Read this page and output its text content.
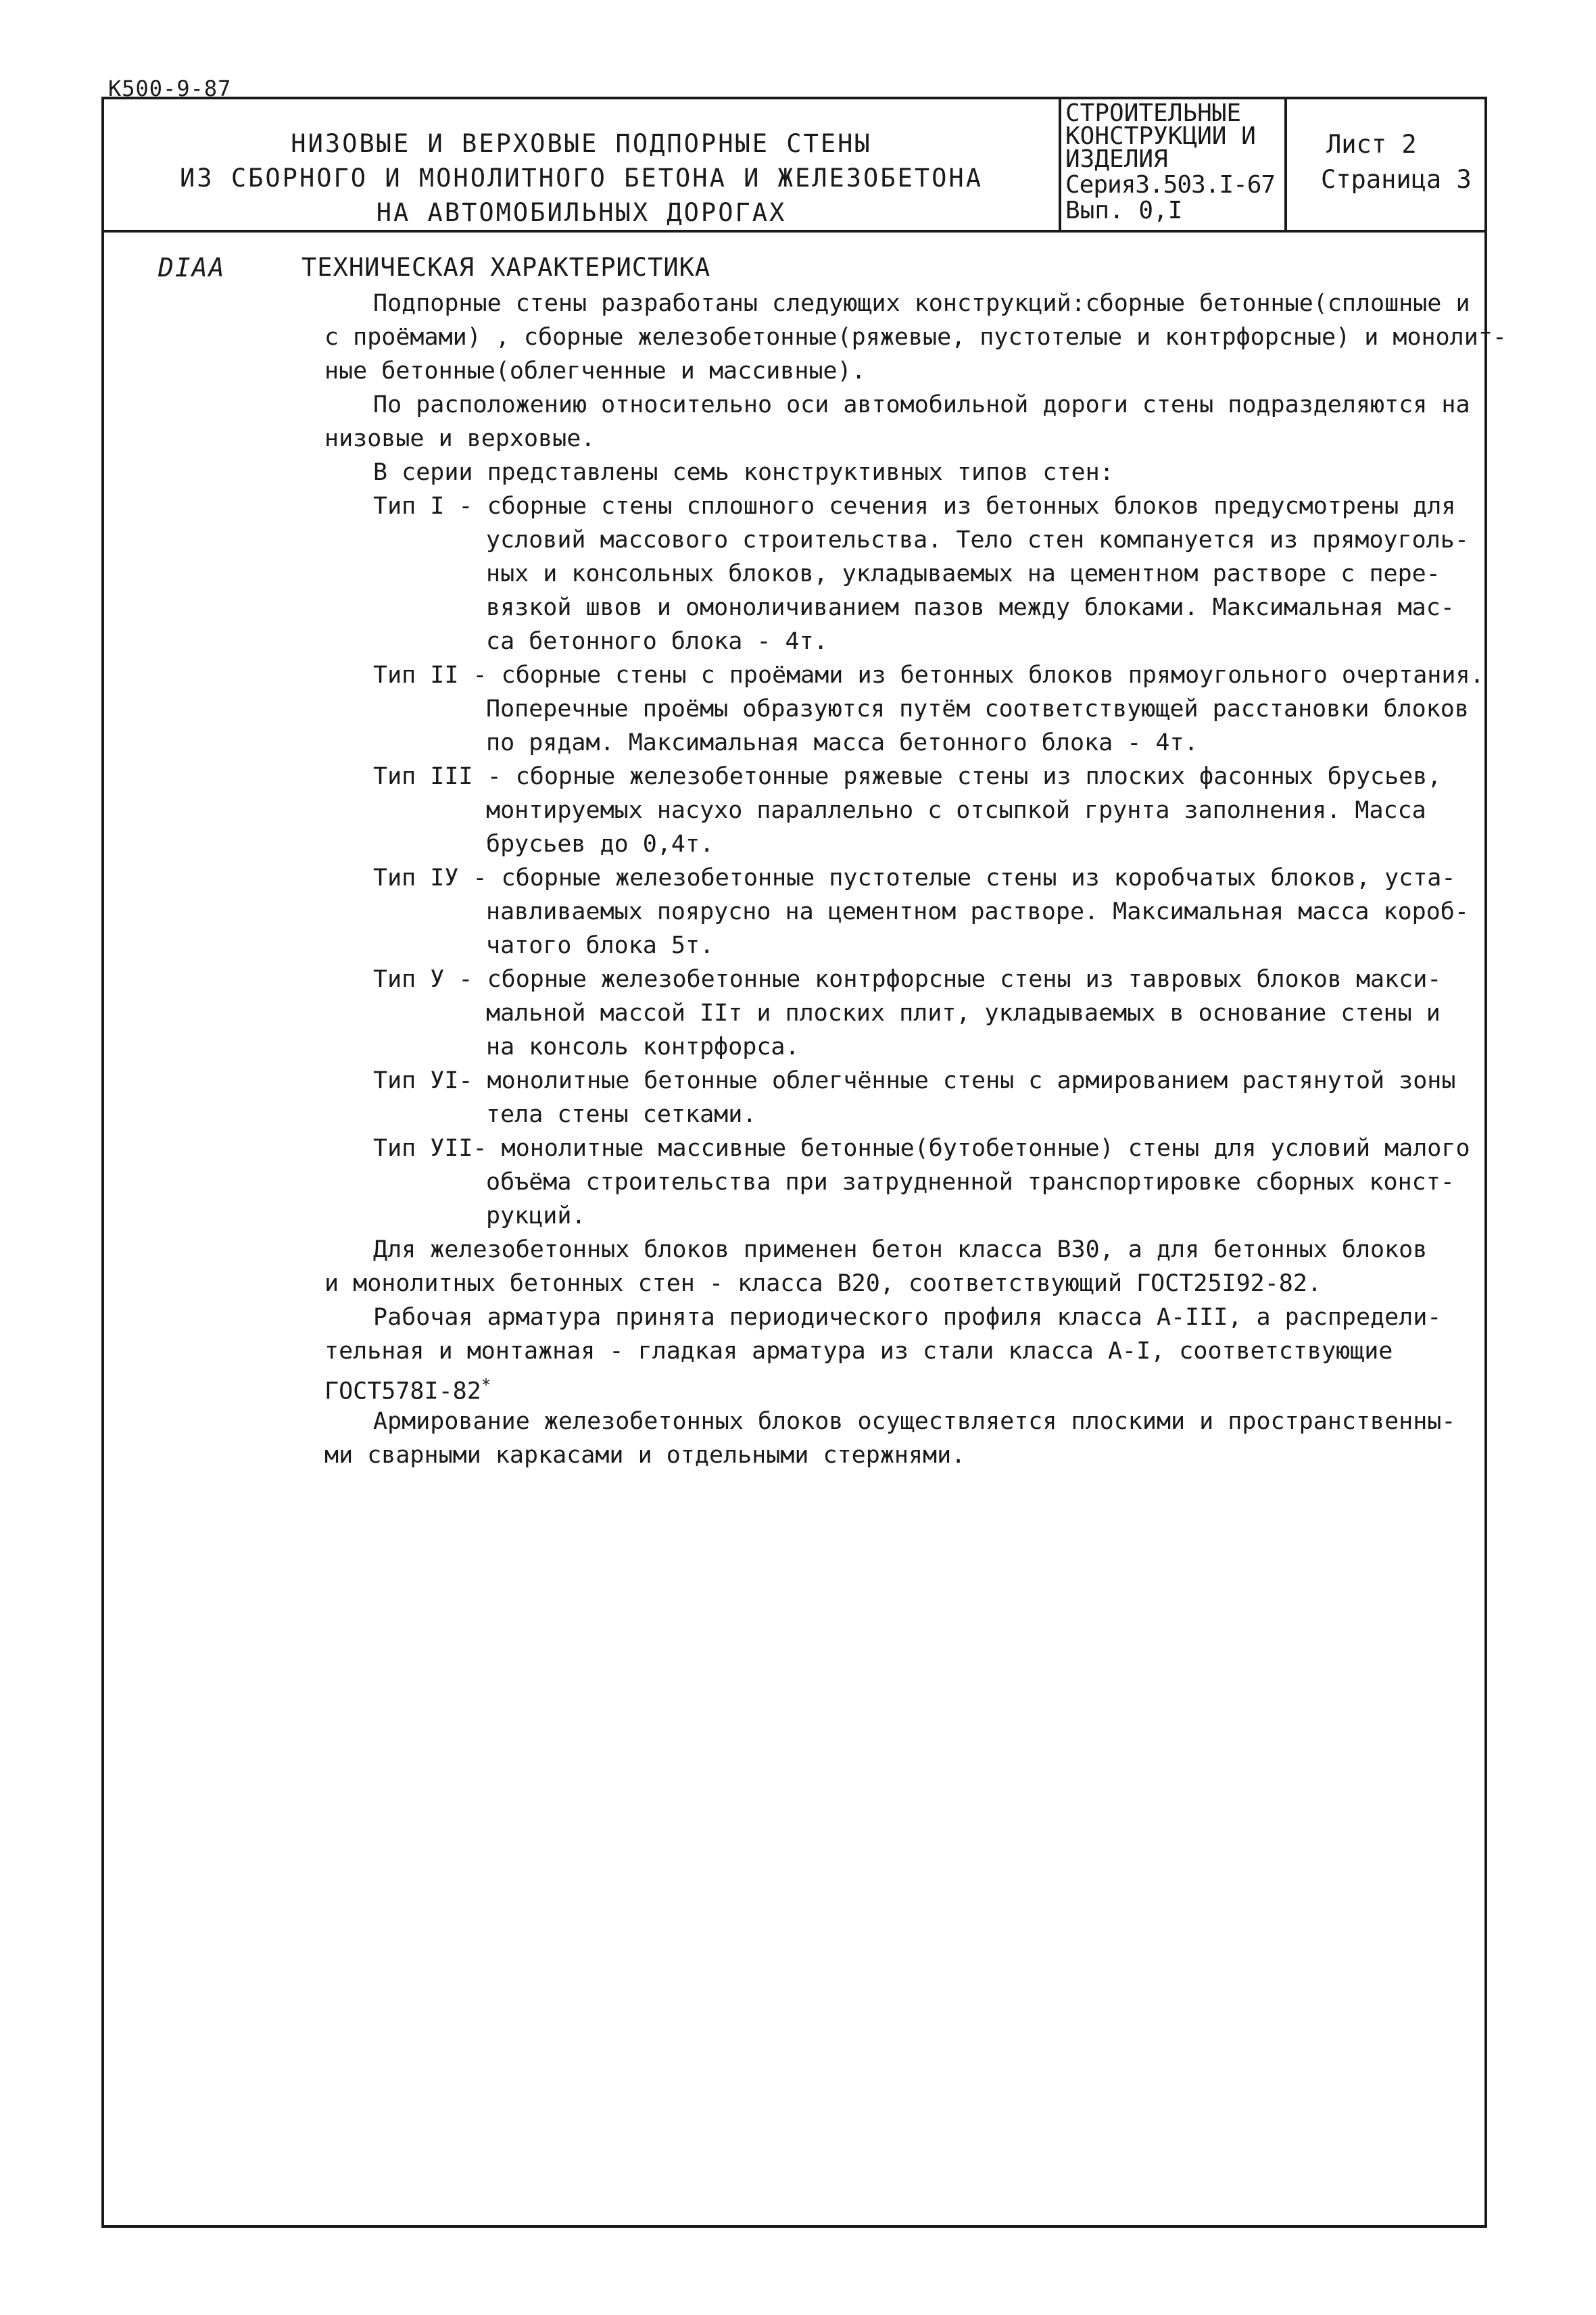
К500-9-87
НИЗОВЫЕ И ВЕРХОВЫЕ ПОДПОРНЫЕ СТЕНЫ
ИЗ СБОРНОГО И МОНОЛИТНОГО БЕТОНА И ЖЕЛЕЗОБЕТОНА
НА АВТОМОБИЛЬНЫХ ДОРОГАХ
СТРОИТЕЛЬНЫЕ
КОНСТРУКЦИИ И
ИЗДЕЛИЯ
Серия3.503.I-67
Вып. 0,I
Лист 2
Страница 3
DIAA	ТЕХНИЧЕСКАЯ ХАРАКТЕРИСТИКА
Подпорные стены разработаны следующих конструкций:сборные бетонные(сплошные и
с проёмами) , сборные железобетонные(ряжевые, пустотелые и контрфорсные) и монолит-
ные бетонные(облегченные и массивные).
По расположению относительно оси автомобильной дороги стены подразделяются на
низовые и верховые.
В серии представлены семь конструктивных типов стен:
Тип I - сборные стены сплошного сечения из бетонных блоков предусмотрены для
условий массового строительства. Тело стен компануется из прямоуголь-
ных и консольных блоков, укладываемых на цементном растворе с пере-
вязкой швов и омоноличиванием пазов между блоками. Максимальная мас-
са бетонного блока - 4т.
Тип II - сборные стены с проёмами из бетонных блоков прямоугольного очертания.
Поперечные проёмы образуются путём соответствующей расстановки блоков
по рядам. Максимальная масса бетонного блока - 4т.
Тип III - сборные железобетонные ряжевые стены из плоских фасонных брусьев,
монтируемых насухо параллельно с отсыпкой грунта заполнения. Масса
брусьев до 0,4т.
Тип IУ - сборные железобетонные пустотелые стены из коробчатых блоков, уста-
навливаемых поярусно на цементном растворе. Максимальная масса короб-
чатого блока 5т.
Тип У - сборные железобетонные контрфорсные стены из тавровых блоков макси-
мальной массой IIт и плоских плит, укладываемых в основание стены и
на консоль контрфорса.
Тип УI- монолитные бетонные облегчённые стены с армированием растянутой зоны
тела стены сетками.
Тип УII- монолитные массивные бетонные(бутобетонные) стены для условий малого
объёма строительства при затрудненной транспортировке сборных конст-
рукций.
Для железобетонных блоков применен бетон класса В30, а для бетонных блоков
и монолитных бетонных стен - класса В20, соответствующий ГОСТ25I92-82.
Рабочая арматура принята периодического профиля класса А-III, а распредели-
тельная и монтажная - гладкая арматура из стали класса А-I, соответствующие
ГОСТ578I-82*
Армирование железобетонных блоков осуществляется плоскими и пространственны-
ми сварными каркасами и отдельными стержнями.
